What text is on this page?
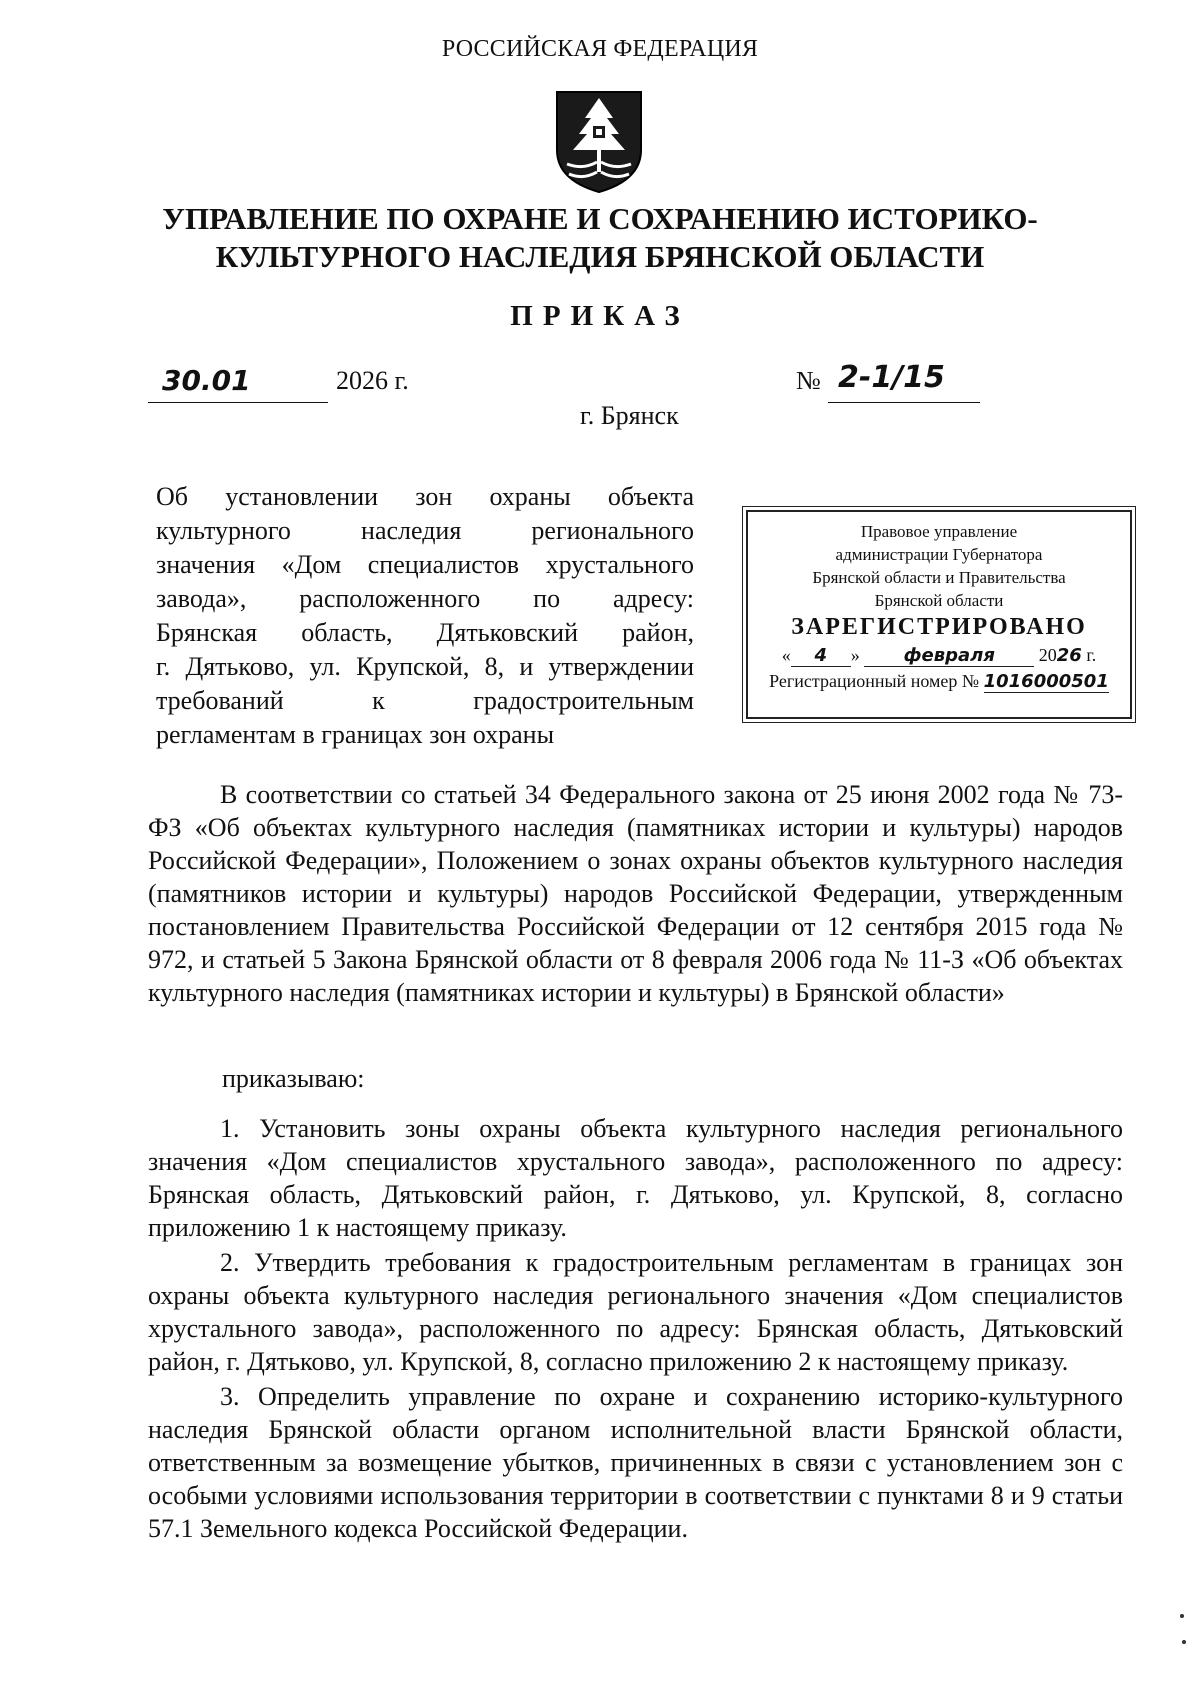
РОССИЙСКАЯ ФЕДЕРАЦИЯ
УПРАВЛЕНИЕ ПО ОХРАНЕ И СОХРАНЕНИЮ ИСТОРИКО-
КУЛЬТУРНОГО НАСЛЕДИЯ БРЯНСКОЙ ОБЛАСТИ
ПРИКАЗ
30.01	2026 г.	№ 2-1/15
г. Брянск
Об установлении зон охраны объекта
культурного наследия регионального
значения «Дом специалистов хрустального
завода», расположенного по адресу:
Брянская область, Дятьковский район,
г. Дятьково, ул. Крупской, 8, и утверждении
требований к градостроительным
регламентам в границах зон охраны
Правовое управление
администрации Губернатора
Брянской области и Правительства
Брянской области
ЗАРЕГИСТРИРОВАНО
« 4 » февраля 2026 г.
Регистрационный номер № 1016000501

В соответствии со статьей 34 Федерального закона от 25 июня 2002 года № 73-ФЗ «Об объектах культурного наследия (памятниках истории и культуры) народов Российской Федерации», Положением о зонах охраны объектов культурного наследия (памятников истории и культуры) народов Российской Федерации, утвержденным постановлением Правительства Российской Федерации от 12 сентября 2015 года № 972, и статьей 5 Закона Брянской области от 8 февраля 2006 года № 11-З «Об объектах культурного наследия (памятниках истории и культуры) в Брянской области»

приказываю:

1. Установить зоны охраны объекта культурного наследия регионального значения «Дом специалистов хрустального завода», расположенного по адресу: Брянская область, Дятьковский район, г. Дятьково, ул. Крупской, 8, согласно приложению 1 к настоящему приказу.

2. Утвердить требования к градостроительным регламентам в границах зон охраны объекта культурного наследия регионального значения «Дом специалистов хрустального завода», расположенного по адресу: Брянская область, Дятьковский район, г. Дятьково, ул. Крупской, 8, согласно приложению 2 к настоящему приказу.

3. Определить управление по охране и сохранению историко-культурного наследия Брянской области органом исполнительной власти Брянской области, ответственным за возмещение убытков, причиненных в связи с установлением зон с особыми условиями использования территории в соответствии с пунктами 8 и 9 статьи 57.1 Земельного кодекса Российской Федерации.
